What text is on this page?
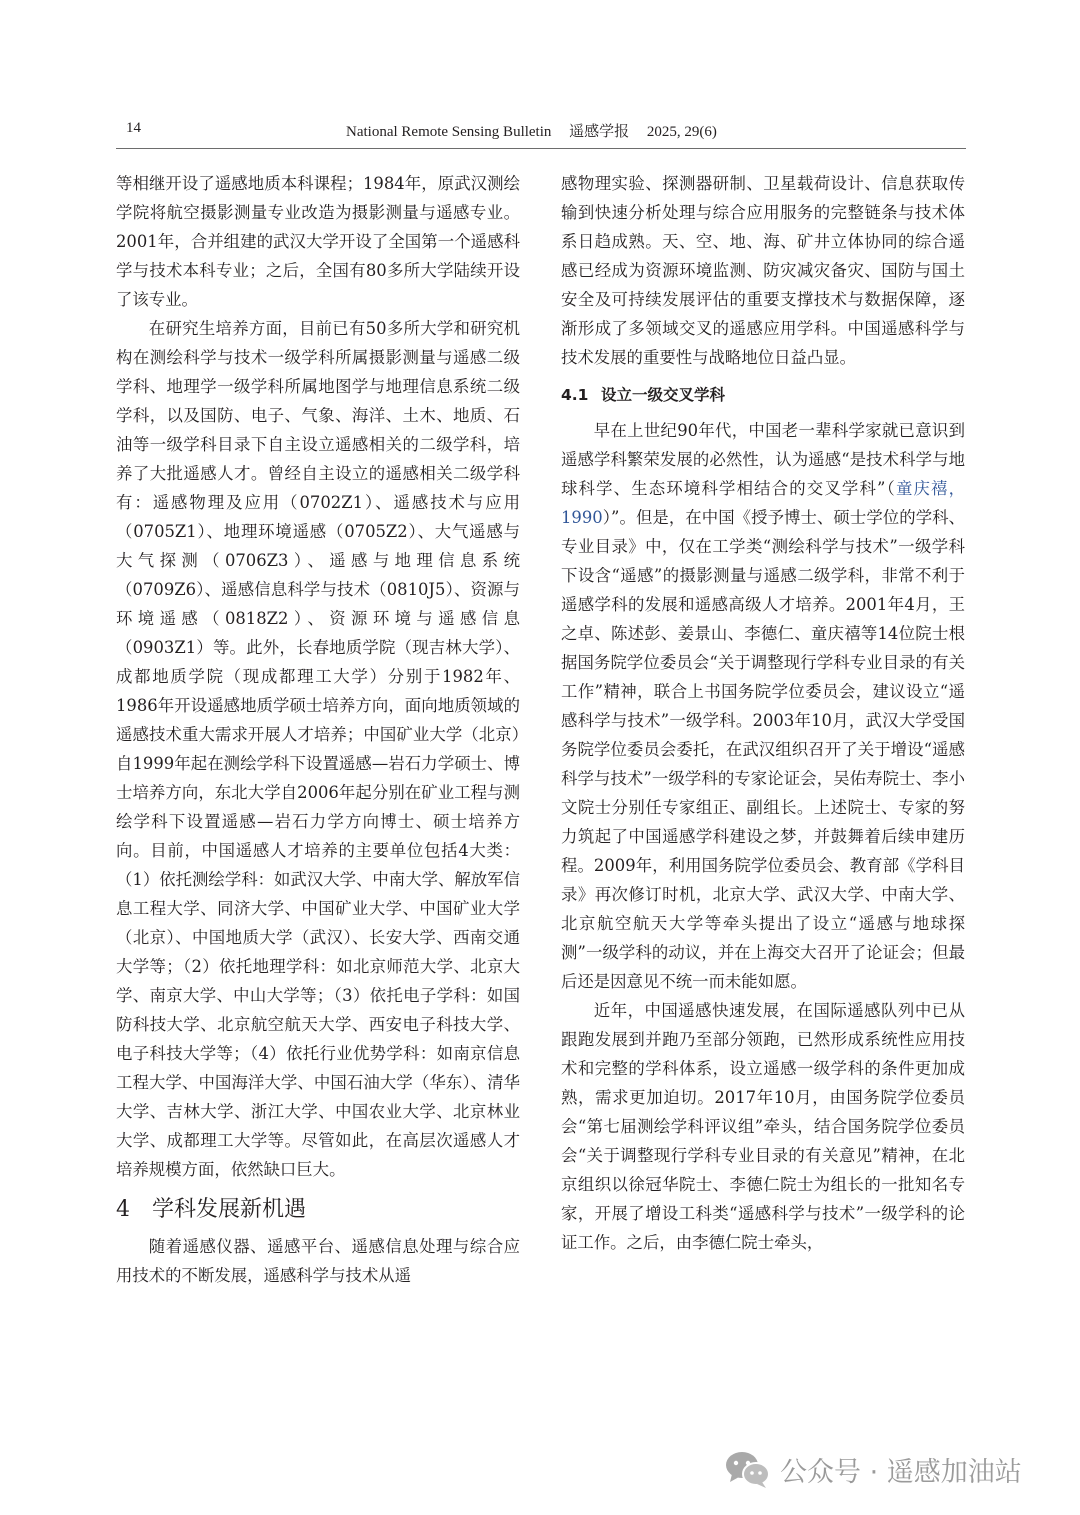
14	National Remote Sensing Bulletin 遥感学报 2025, 29(6)

等相继开设了遥感地质本科课程；1984年，原武汉测绘学院将航空摄影测量专业改造为摄影测量与遥感专业。2001年，合并组建的武汉大学开设了全国第一个遥感科学与技术本科专业；之后，全国有80多所大学陆续开设了该专业。

在研究生培养方面，目前已有50多所大学和研究机构在测绘科学与技术一级学科所属摄影测量与遥感二级学科、地理学一级学科所属地图学与地理信息系统二级学科，以及国防、电子、气象、海洋、土木、地质、石油等一级学科目录下自主设立遥感相关的二级学科，培养了大批遥感人才。曾经自主设立的遥感相关二级学科有：遥感物理及应用（0702Z1）、遥感技术与应用（0705Z1）、地理环境遥感（0705Z2）、大气遥感与大气探测（0706Z3）、遥感与地理信息系统（0709Z6）、遥感信息科学与技术（0810J5）、资源与环境遥感（0818Z2）、资源环境与遥感信息（0903Z1）等。此外，长春地质学院（现吉林大学）、成都地质学院（现成都理工大学）分别于1982年、1986年开设遥感地质学硕士培养方向，面向地质领域的遥感技术重大需求开展人才培养；中国矿业大学（北京）自1999年起在测绘学科下设置遥感—岩石力学硕士、博士培养方向，东北大学自2006年起分别在矿业工程与测绘学科下设置遥感—岩石力学方向博士、硕士培养方向。目前，中国遥感人才培养的主要单位包括4大类：（1）依托测绘学科：如武汉大学、中南大学、解放军信息工程大学、同济大学、中国矿业大学、中国矿业大学（北京）、中国地质大学（武汉）、长安大学、西南交通大学等；（2）依托地理学科：如北京师范大学、北京大学、南京大学、中山大学等；（3）依托电子学科：如国防科技大学、北京航空航天大学、西安电子科技大学、电子科技大学等；（4）依托行业优势学科：如南京信息工程大学、中国海洋大学、中国石油大学（华东）、清华大学、吉林大学、浙江大学、中国农业大学、北京林业大学、成都理工大学等。尽管如此，在高层次遥感人才培养规模方面，依然缺口巨大。

4 学科发展新机遇

随着遥感仪器、遥感平台、遥感信息处理与综合应用技术的不断发展，遥感科学与技术从遥

感物理实验、探测器研制、卫星载荷设计、信息获取传输到快速分析处理与综合应用服务的完整链条与技术体系日趋成熟。天、空、地、海、矿井立体协同的综合遥感已经成为资源环境监测、防灾减灾备灾、国防与国土安全及可持续发展评估的重要支撑技术与数据保障，逐渐形成了多领域交叉的遥感应用学科。中国遥感科学与技术发展的重要性与战略地位日益凸显。

4.1 设立一级交叉学科

早在上世纪90年代，中国老一辈科学家就已意识到遥感学科繁荣发展的必然性，认为遥感“是技术科学与地球科学、生态环境科学相结合的交叉学科”（童庆禧，1990）”。但是，在中国《授予博士、硕士学位的学科、专业目录》中，仅在工学类“测绘科学与技术”一级学科下设含“遥感”的摄影测量与遥感二级学科，非常不利于遥感学科的发展和遥感高级人才培养。2001年4月，王之卓、陈述彭、姜景山、李德仁、童庆禧等14位院士根据国务院学位委员会“关于调整现行学科专业目录的有关工作”精神，联合上书国务院学位委员会，建议设立“遥感科学与技术”一级学科。2003年10月，武汉大学受国务院学位委员会委托，在武汉组织召开了关于增设“遥感科学与技术”一级学科的专家论证会，吴佑寿院士、李小文院士分别任专家组正、副组长。上述院士、专家的努力筑起了中国遥感学科建设之梦，并鼓舞着后续申建历程。2009年，利用国务院学位委员会、教育部《学科目录》再次修订时机，北京大学、武汉大学、中南大学、北京航空航天大学等牵头提出了设立“遥感与地球探测”一级学科的动议，并在上海交大召开了论证会；但最后还是因意见不统一而未能如愿。

近年，中国遥感快速发展，在国际遥感队列中已从跟跑发展到并跑乃至部分领跑，已然形成系统性应用技术和完整的学科体系，设立遥感一级学科的条件更加成熟，需求更加迫切。2017年10月，由国务院学位委员会“第七届测绘学科评议组”牵头，结合国务院学位委员会“关于调整现行学科专业目录的有关意见”精神，在北京组织以徐冠华院士、李德仁院士为组长的一批知名专家，开展了增设工科类“遥感科学与技术”一级学科的论证工作。之后，由李德仁院士牵头，

公众号 · 遥感加油站
